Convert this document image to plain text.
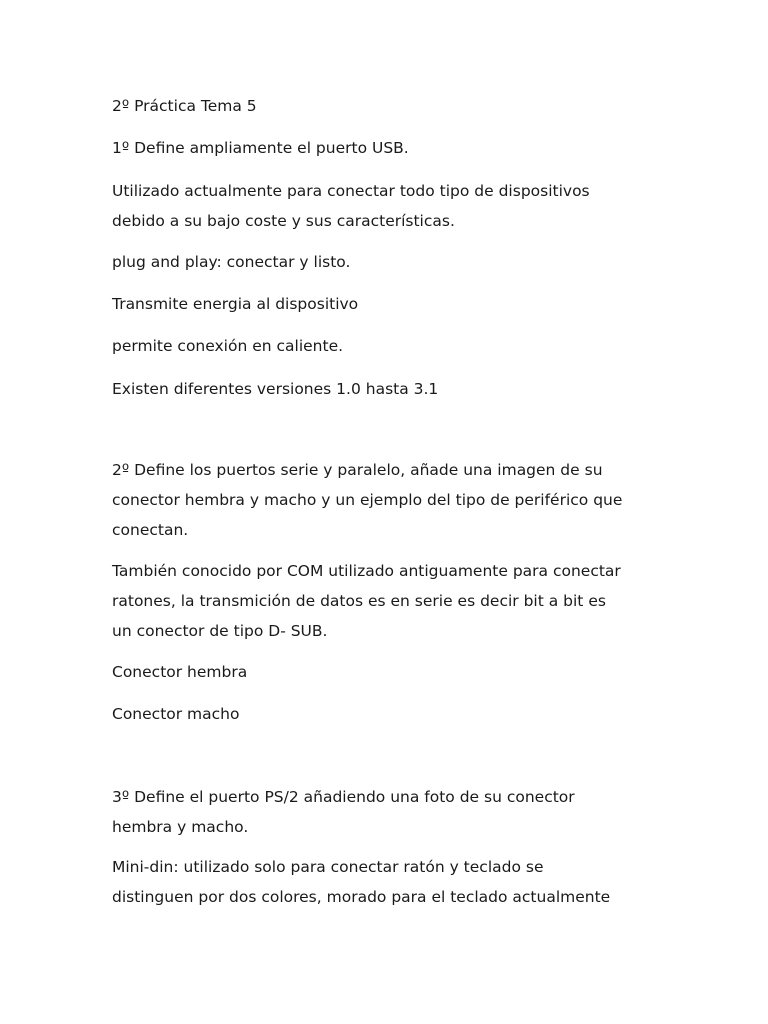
2º Práctica Tema 5

1º Define ampliamente el puerto USB.

Utilizado actualmente para conectar todo tipo de dispositivos

debido a su bajo coste y sus características.

plug and play: conectar y listo.

Transmite energia al dispositivo

permite conexión en caliente.

Existen diferentes versiones 1.0 hasta 3.1

2º Define los puertos serie y paralelo, añade una imagen de su

conector hembra y macho y un ejemplo del tipo de periférico que

conectan.

También conocido por COM utilizado antiguamente para conectar

ratones, la transmición de datos es en serie es decir bit a bit es

un conector de tipo D- SUB.

Conector hembra

Conector macho

3º Define el puerto PS/2 añadiendo una foto de su conector

hembra y macho.

Mini-din: utilizado solo para conectar ratón y teclado se

distinguen por dos colores, morado para el teclado actualmente
